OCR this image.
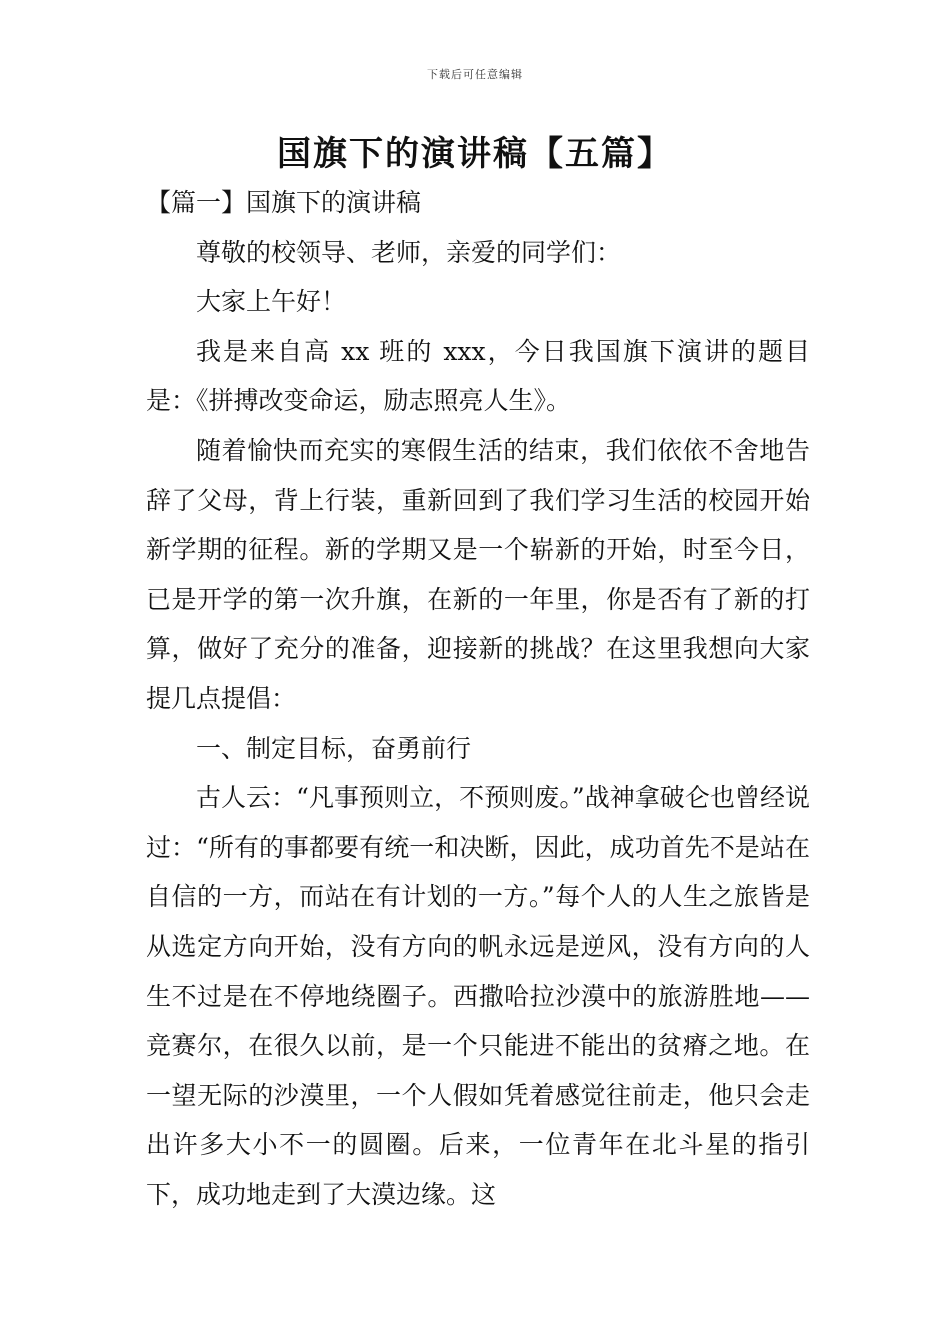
下载后可任意编辑
国旗下的演讲稿【五篇】

【篇一】国旗下的演讲稿

尊敬的校领导、老师，亲爱的同学们：

大家上午好！

我是来自高 xx 班的 xxx，今日我国旗下演讲的题目是：《拼搏改变命运，励志照亮人生》。

随着愉快而充实的寒假生活的结束，我们依依不舍地告辞了父母，背上行装，重新回到了我们学习生活的校园开始新学期的征程。新的学期又是一个崭新的开始，时至今日，已是开学的第一次升旗，在新的一年里，你是否有了新的打算，做好了充分的准备，迎接新的挑战？在这里我想向大家提几点提倡：

一、制定目标，奋勇前行

古人云：“凡事预则立，不预则废。”战神拿破仑也曾经说过：“所有的事都要有统一和决断，因此，成功首先不是站在自信的一方，而站在有计划的一方。”每个人的人生之旅皆是从选定方向开始，没有方向的帆永远是逆风，没有方向的人生不过是在不停地绕圈子。西撒哈拉沙漠中的旅游胜地——竞赛尔，在很久以前，是一个只能进不能出的贫瘠之地。在一望无际的沙漠里，一个人假如凭着感觉往前走，他只会走出许多大小不一的圆圈。后来，一位青年在北斗星的指引下，成功地走到了大漠边缘。这
